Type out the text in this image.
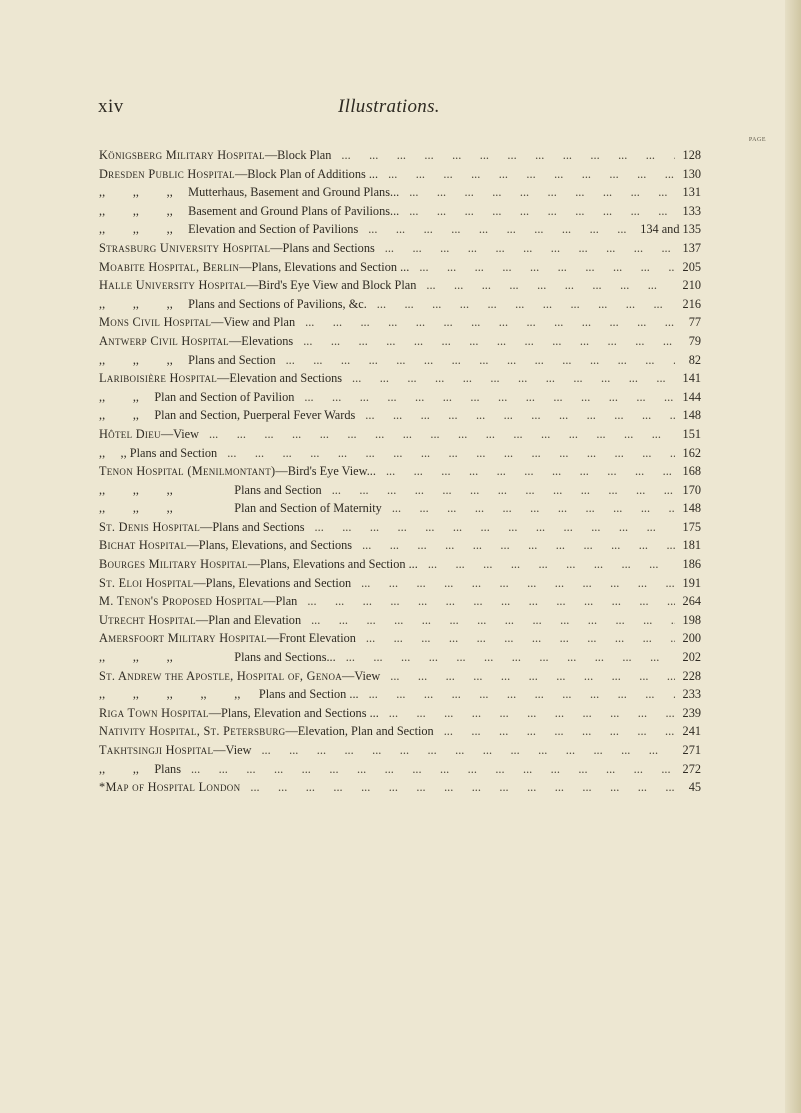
xiv	Illustrations.
PAGE
Königsberg Military Hospital—Block Plan ...	128
Dresden Public Hospital—Block Plan of Additions ... ...	130
,,         ,,         ,,     Mutterhaus, Basement and Ground Plans... ...	131
,,         ,,         ,,     Basement and Ground Plans of Pavilions... ...	133
,,         ,,         ,,     Elevation and Section of Pavilions ...	134 and 135
Strasburg University Hospital—Plans and Sections ...	137
Moabite Hospital, Berlin—Plans, Elevations and Section ... ...	205
Halle University Hospital—Bird's Eye View and Block Plan ...	210
,,         ,,         ,,     Plans and Sections of Pavilions, &c. ...	216
Mons Civil Hospital—View and Plan ...	77
Antwerp Civil Hospital—Elevations ...	79
,,         ,,         ,,     Plans and Section ...	82
Lariboisière Hospital—Elevation and Sections ...	141
,,         ,,     Plan and Section of Pavilion ...	144
,,         ,,     Plan and Section, Puerperal Fever Wards ...	148
Hôtel Dieu—View ...	151
,,     ,, Plans and Section ...	162
Tenon Hospital (Menilmontant)—Bird's Eye View... ...	168
,,         ,,         ,,                    Plans and Section ...	170
,,         ,,         ,,                    Plan and Section of Maternity ...	148
St. Denis Hospital—Plans and Sections ...	175
Bichat Hospital—Plans, Elevations, and Sections ...	181
Bourges Military Hospital—Plans, Elevations and Section ... ...	186
St. Eloi Hospital—Plans, Elevations and Section ...	191
M. Tenon's Proposed Hospital—Plan ...	264
Utrecht Hospital—Plan and Elevation ...	198
Amersfoort Military Hospital—Front Elevation ...	200
,,         ,,         ,,                    Plans and Sections... ...	202
St. Andrew the Apostle, Hospital of, Genoa—View ...	228
,,         ,,         ,,         ,,         ,,      Plans and Section ... ...	233
Riga Town Hospital—Plans, Elevation and Sections ... ...	239
Nativity Hospital, St. Petersburg—Elevation, Plan and Section ...	241
Takhtsingji Hospital—View ...	271
,,         ,,     Plans ...	272
*Map of Hospital London ...	45
